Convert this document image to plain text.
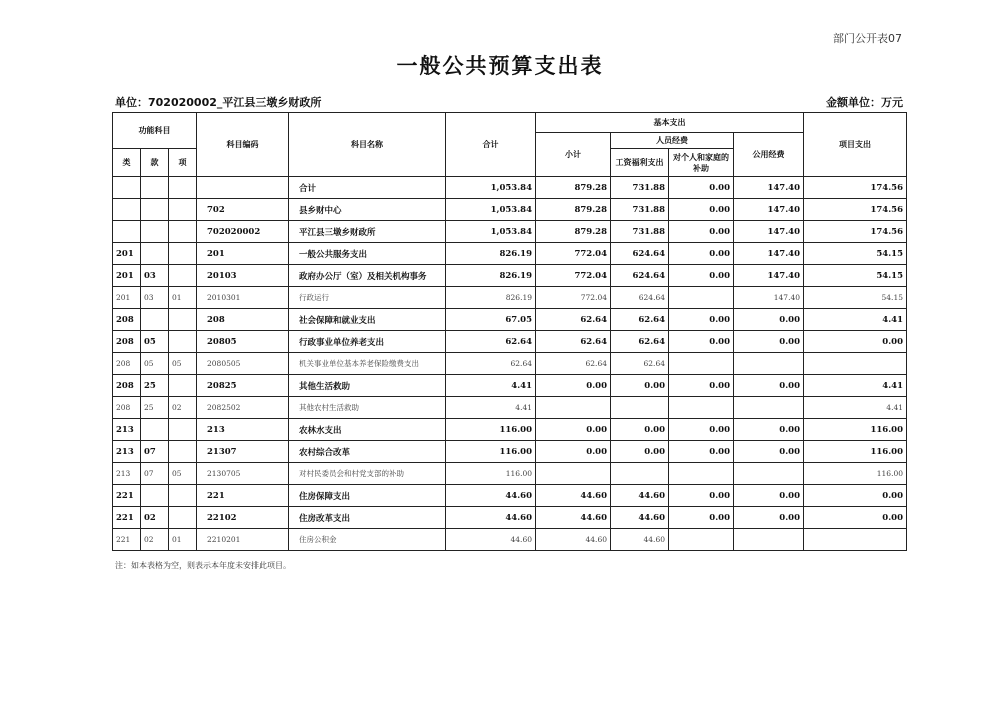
部门公开表07
一般公共预算支出表
单位：702020002_平江县三墩乡财政所	金额单位：万元
功能科目			科目编码	科目名称	合计	基本支出				项目支出
						小计	人员经费		公用经费	
类	款	项					工资福利支出	对个人和家庭的补助		
				合计	1,053.84	879.28	731.88	0.00	147.40	174.56
			702	县乡财中心	1,053.84	879.28	731.88	0.00	147.40	174.56
			702020002	平江县三墩乡财政所	1,053.84	879.28	731.88	0.00	147.40	174.56
201			201	一般公共服务支出	826.19	772.04	624.64	0.00	147.40	54.15
201	03		20103	政府办公厅（室）及相关机构事务	826.19	772.04	624.64	0.00	147.40	54.15
201	03	01	2010301	行政运行	826.19	772.04	624.64		147.40	54.15
208			208	社会保障和就业支出	67.05	62.64	62.64	0.00	0.00	4.41
208	05		20805	行政事业单位养老支出	62.64	62.64	62.64	0.00	0.00	0.00
208	05	05	2080505	机关事业单位基本养老保险缴费支出	62.64	62.64	62.64			
208	25		20825	其他生活救助	4.41	0.00	0.00	0.00	0.00	4.41
208	25	02	2082502	其他农村生活救助	4.41					4.41
213			213	农林水支出	116.00	0.00	0.00	0.00	0.00	116.00
213	07		21307	农村综合改革	116.00	0.00	0.00	0.00	0.00	116.00
213	07	05	2130705	对村民委员会和村党支部的补助	116.00					116.00
221			221	住房保障支出	44.60	44.60	44.60	0.00	0.00	0.00
221	02		22102	住房改革支出	44.60	44.60	44.60	0.00	0.00	0.00
221	02	01	2210201	住房公积金	44.60	44.60	44.60			
注：如本表格为空，则表示本年度未安排此项目。
